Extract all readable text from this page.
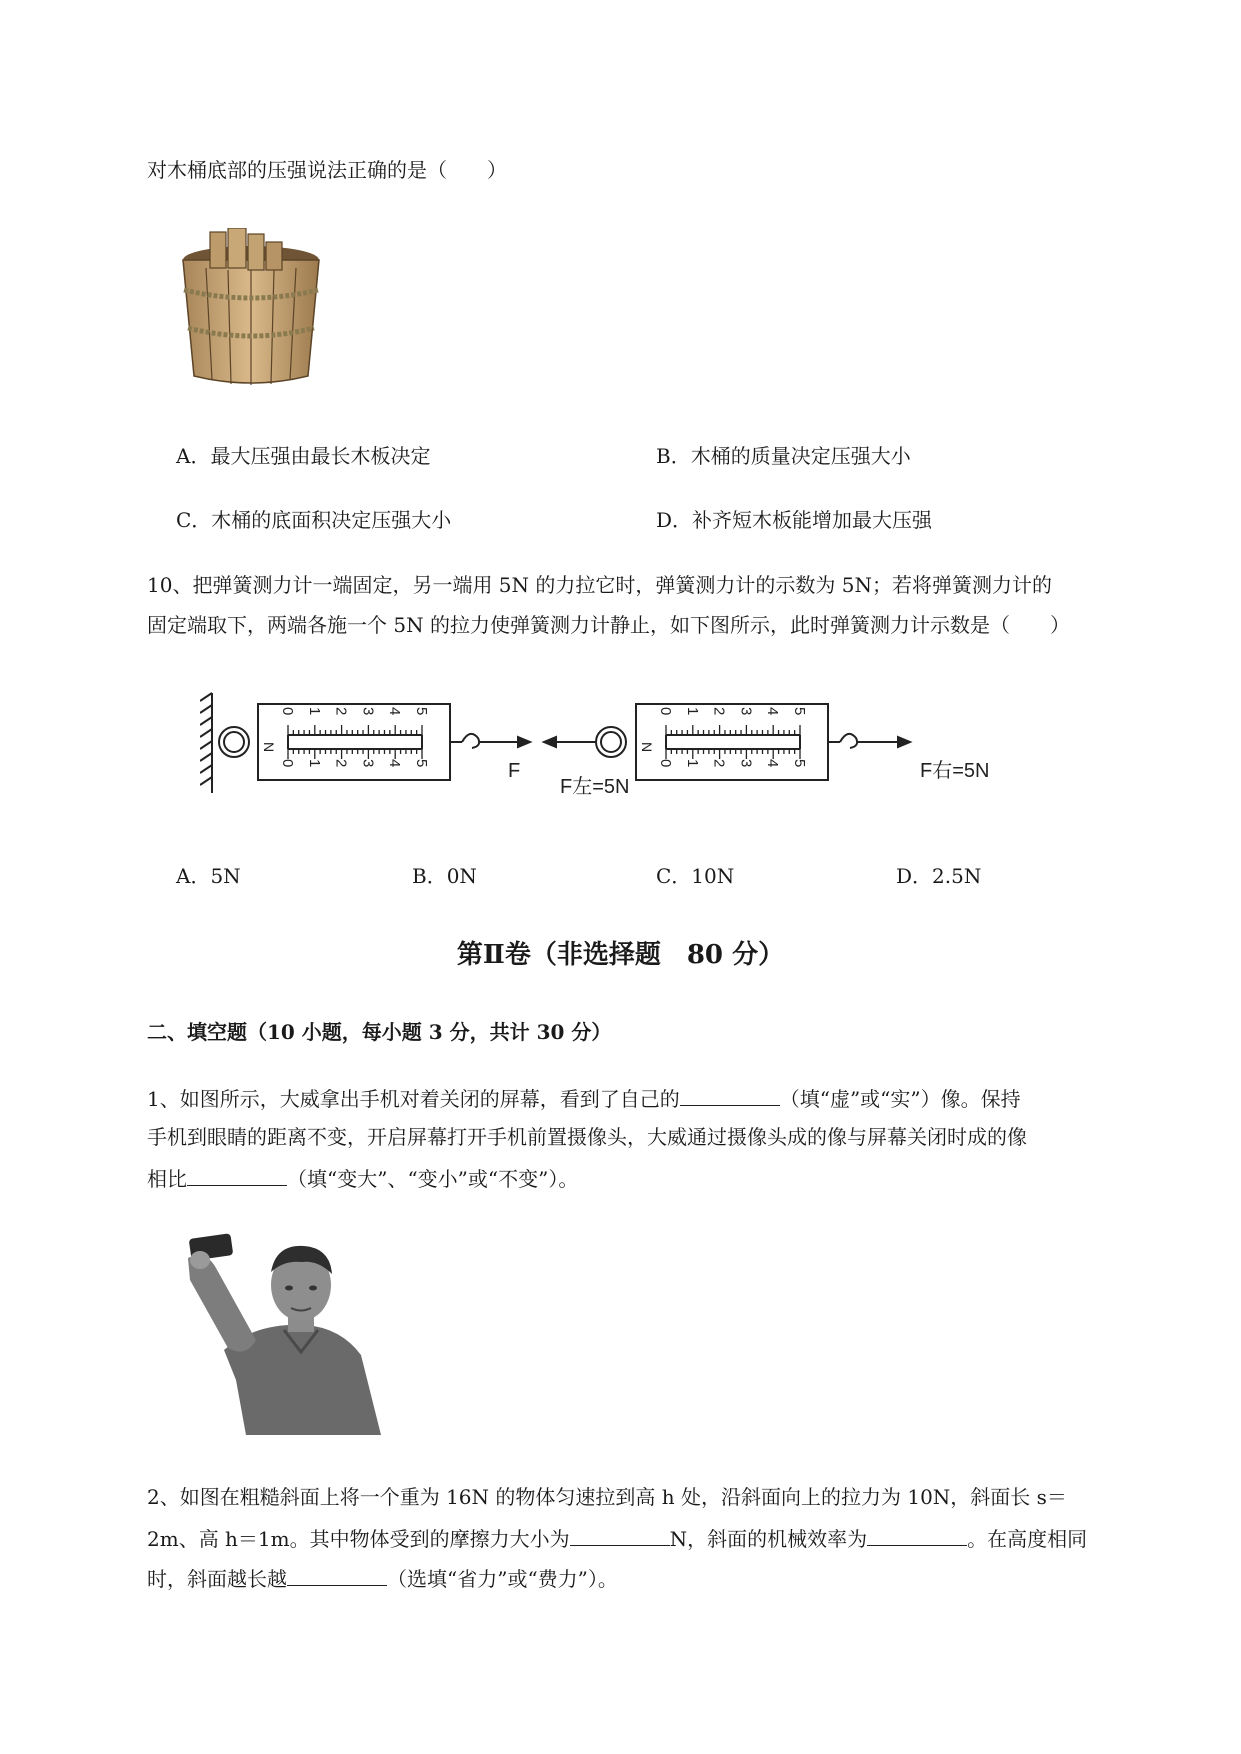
对木桶底部的压强说法正确的是（　　）
A．最大压强由最长木板决定	B．木桶的质量决定压强大小
C．木桶的底面积决定压强大小	D．补齐短木板能增加最大压强
10、把弹簧测力计一端固定，另一端用 5N 的力拉它时，弹簧测力计的示数为 5N；若将弹簧测力计的
固定端取下，两端各施一个 5N 的拉力使弹簧测力计静止，如下图所示，此时弹簧测力计示数是（　　）
0
0
1
1
2
2
3
3
4
4
5
5
N
F
0
0
1
1
2
2
3
3
4
4
5
5
N
F左=5N
F右=5N
A．5N	B．0N	C．10N	D．2.5N
第Ⅱ卷（非选择题　80 分）
二、填空题（10 小题，每小题 3 分，共计 30 分）
1、如图所示，大威拿出手机对着关闭的屏幕，看到了自己的	（填“虚”或“实”）像。保持
手机到眼睛的距离不变，开启屏幕打开手机前置摄像头，大威通过摄像头成的像与屏幕关闭时成的像
相比	（填“变大”、“变小”或“不变”）。
2、如图在粗糙斜面上将一个重为 16N 的物体匀速拉到高 h 处，沿斜面向上的拉力为 10N，斜面长 s＝
2m、高 h＝1m。其中物体受到的摩擦力大小为	N，斜面的机械效率为	。在高度相同
时，斜面越长越	（选填“省力”或“费力”）。
